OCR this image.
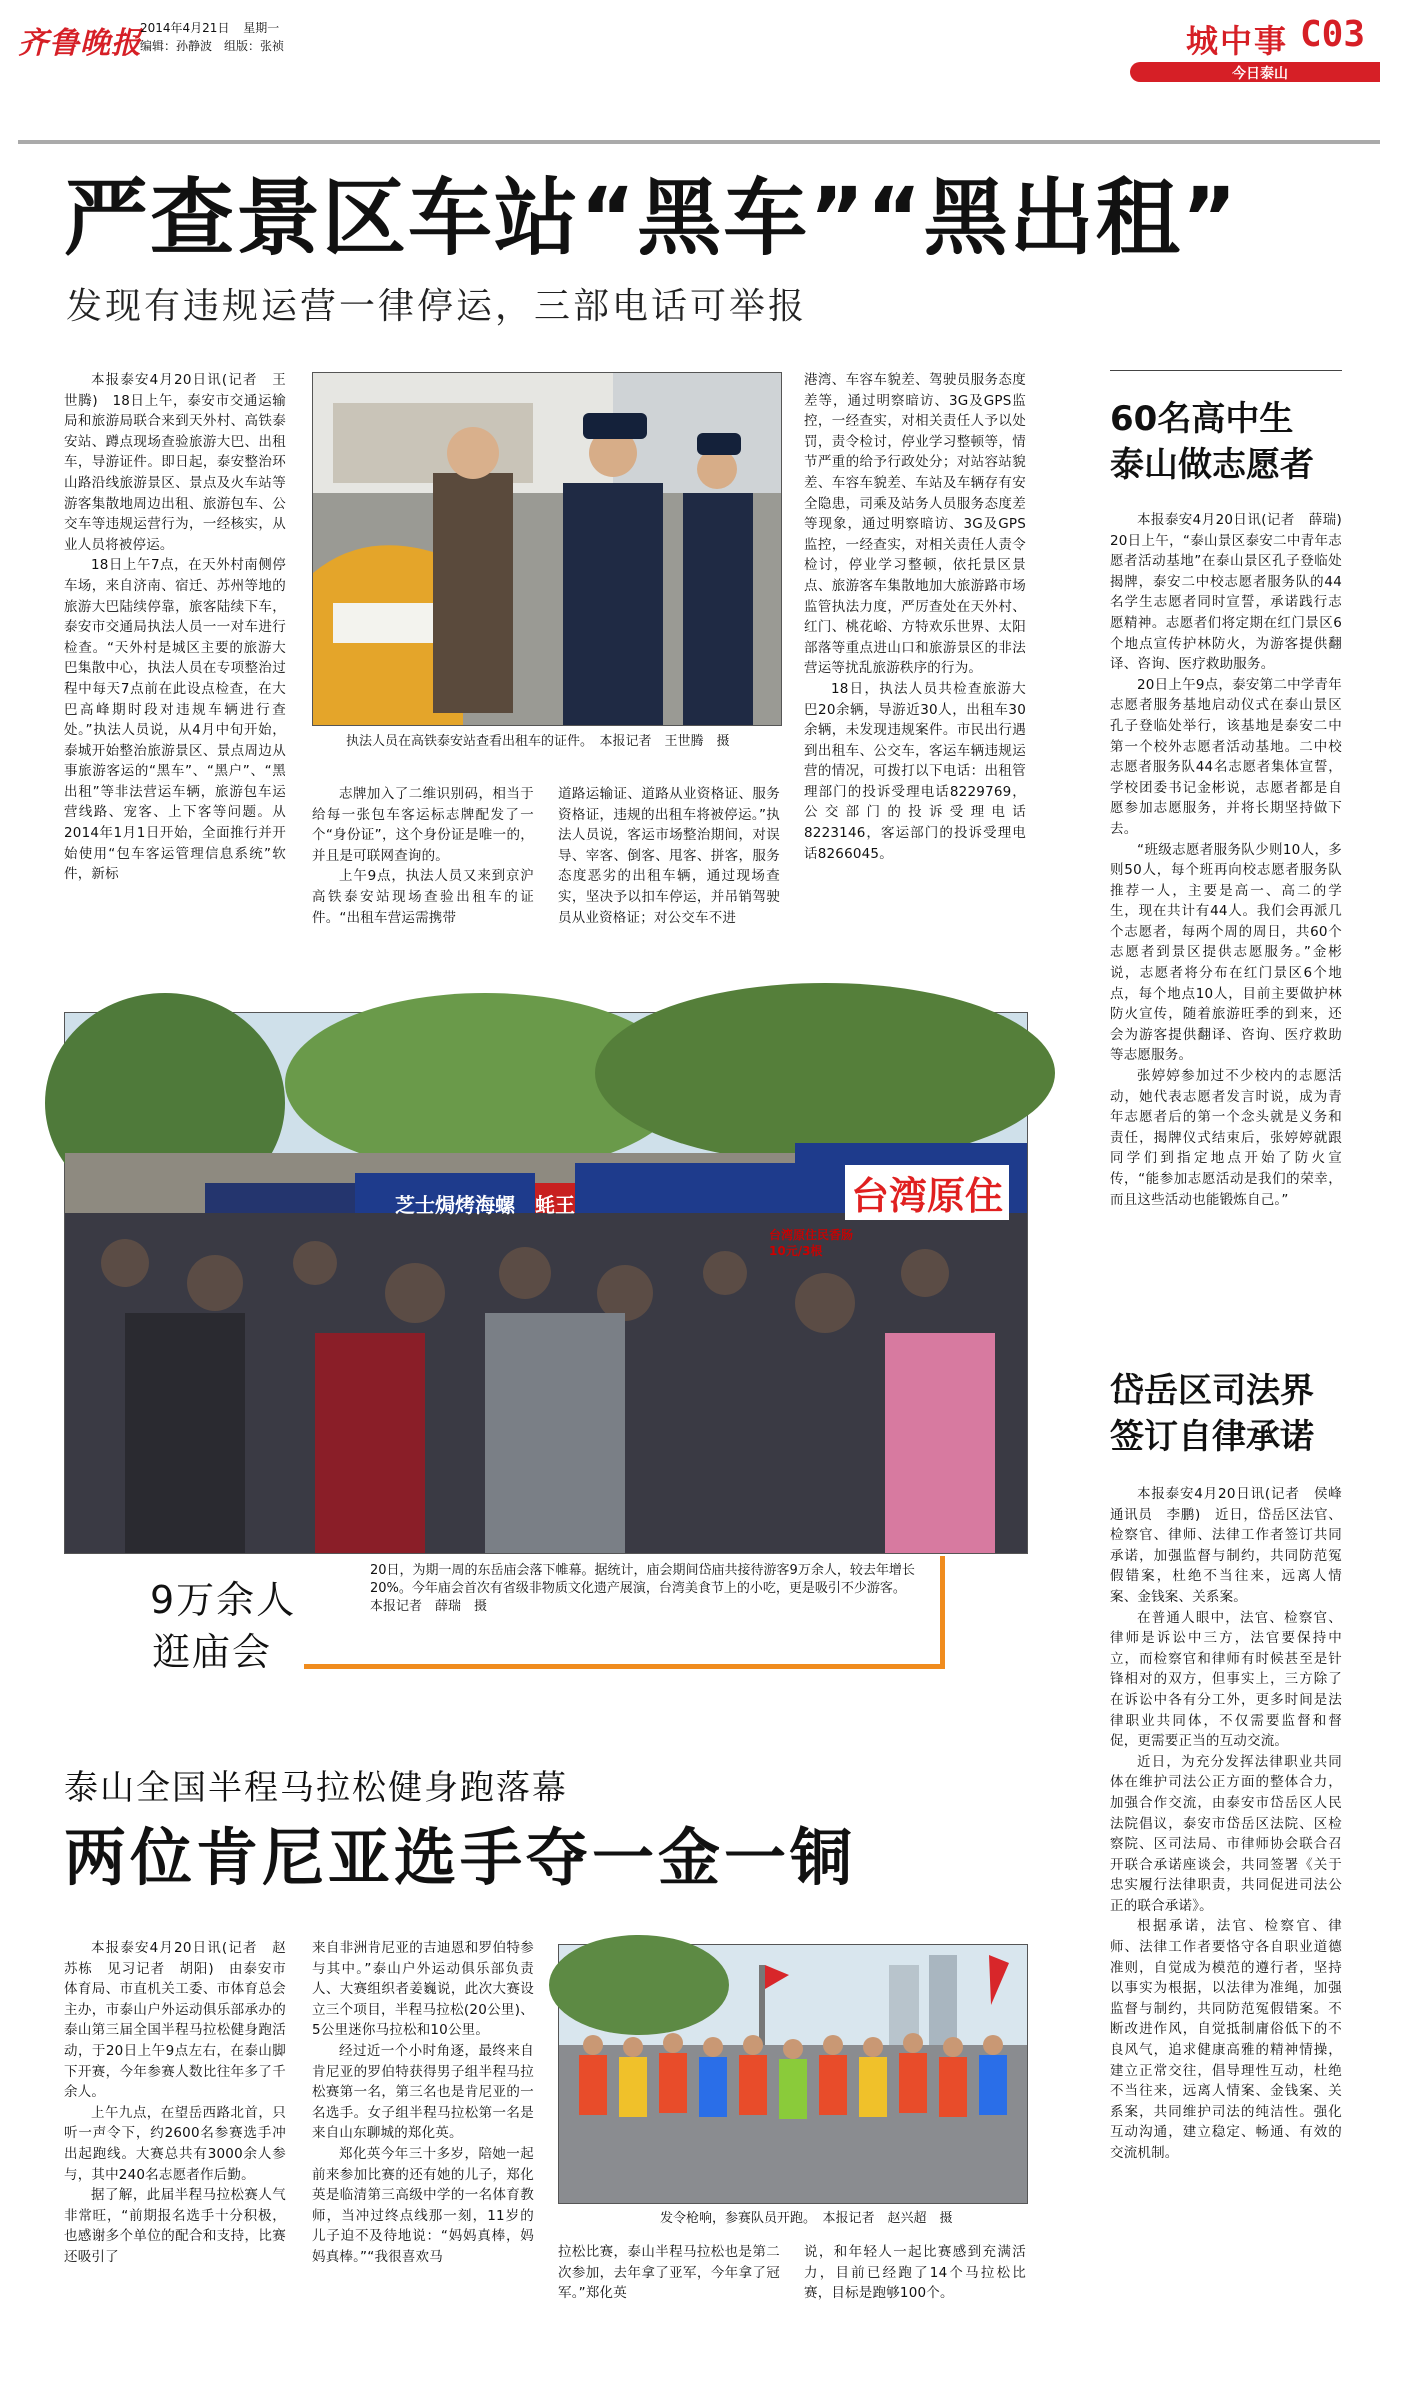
齐鲁晚报
2014年4月21日 星期一
编辑：孙静波　组版：张祯	城中事 C03
今日泰山
严查景区车站“黑车”“黑出租”
发现有违规运营一律停运，三部电话可举报

本报泰安4月20日讯(记者　王世腾)　18日上午，泰安市交通运输局和旅游局联合来到天外村、高铁泰安站、蹲点现场查验旅游大巴、出租车，导游证件。即日起，泰安整治环山路沿线旅游景区、景点及火车站等游客集散地周边出租、旅游包车、公交车等违规运营行为，一经核实，从业人员将被停运。

18日上午7点，在天外村南侧停车场，来自济南、宿迁、苏州等地的旅游大巴陆续停靠，旅客陆续下车，泰安市交通局执法人员一一对车进行检查。“天外村是城区主要的旅游大巴集散中心，执法人员在专项整治过程中每天7点前在此设点检查，在大巴高峰期时段对违规车辆进行查处。”执法人员说，从4月中旬开始，泰城开始整治旅游景区、景点周边从事旅游客运的“黑车”、“黑户”、“黑出租”等非法营运车辆，旅游包车运营线路、宠客、上下客等问题。从2014年1月1日开始，全面推行并开始使用“包车客运管理信息系统”软件，新标

执法人员在高铁泰安站查看出租车的证件。　本报记者　王世腾　摄

志牌加入了二维识别码，相当于给每一张包车客运标志牌配发了一个“身份证”，这个身份证是唯一的，并且是可联网查询的。

上午9点，执法人员又来到京沪高铁泰安站现场查验出租车的证件。“出租车营运需携带

道路运输证、道路从业资格证、服务资格证，违规的出租车将被停运。”执法人员说，客运市场整治期间，对误导、宰客、倒客、甩客、拼客，服务态度恶劣的出租车辆，通过现场查实，坚决予以扣车停运，并吊销驾驶员从业资格证；对公交车不进

港湾、车容车貌差、驾驶员服务态度差等，通过明察暗访、3G及GPS监控，一经查实，对相关责任人予以处罚，责令检讨，停业学习整顿等，情节严重的给予行政处分；对站容站貌差、车容车貌差、车站及车辆存有安全隐患，司乘及站务人员服务态度差等现象，通过明察暗访、3G及GPS监控，一经查实，对相关责任人责令检讨，停业学习整顿，依托景区景点、旅游客车集散地加大旅游路市场监管执法力度，严厉查处在天外村、红门、桃花峪、方特欢乐世界、太阳部落等重点进山口和旅游景区的非法营运等扰乱旅游秩序的行为。

18日，执法人员共检查旅游大巴20余辆，导游近30人，出租车30余辆，未发现违规案件。市民出行遇到出租车、公交车，客运车辆违规运营的情况，可拨打以下电话：出租管理部门的投诉受理电话8229769，公交部门的投诉受理电话8223146，客运部门的投诉受理电话8266045。

芝士焗烤海螺　蚝王	台湾原住
台湾原住民香肠 10元/3根
20日，为期一周的东岳庙会落下帷幕。据统计，庙会期间岱庙共接待游客9万余人，较去年增长20%。今年庙会首次有省级非物质文化遗产展演，台湾美食节上的小吃，更是吸引不少游客。　本报记者　薛瑞　摄
9万余人
逛庙会
泰山全国半程马拉松健身跑落幕
两位肯尼亚选手夺一金一铜

本报泰安4月20日讯(记者　赵苏栋　见习记者　胡阳)　由泰安市体育局、市直机关工委、市体育总会主办，市泰山户外运动俱乐部承办的泰山第三届全国半程马拉松健身跑活动，于20日上午9点左右，在泰山脚下开赛，今年参赛人数比往年多了千余人。

上午九点，在望岳西路北首，只听一声令下，约2600名参赛选手冲出起跑线。大赛总共有3000余人参与，其中240名志愿者作后勤。

据了解，此届半程马拉松赛人气非常旺，“前期报名选手十分积极，也感谢多个单位的配合和支持，比赛还吸引了

来自非洲肯尼亚的吉迪恩和罗伯特参与其中。”泰山户外运动俱乐部负责人、大赛组织者姜巍说，此次大赛设立三个项目，半程马拉松(20公里)、5公里迷你马拉松和10公里。

经过近一个小时角逐，最终来自肯尼亚的罗伯特获得男子组半程马拉松赛第一名，第三名也是肯尼亚的一名选手。女子组半程马拉松第一名是来自山东聊城的郑化英。

郑化英今年三十多岁，陪她一起前来参加比赛的还有她的儿子，郑化英是临清第三高级中学的一名体育教师，当冲过终点线那一刻，11岁的儿子迫不及待地说：“妈妈真棒，妈妈真棒。”“我很喜欢马

发令枪响，参赛队员开跑。　本报记者　赵兴超　摄
拉松比赛，泰山半程马拉松也是第二次参加，去年拿了亚军，今年拿了冠军。”郑化英
说，和年轻人一起比赛感到充满活力，目前已经跑了14个马拉松比赛，目标是跑够100个。
60名高中生
泰山做志愿者

本报泰安4月20日讯(记者　薛瑞)　20日上午，“泰山景区泰安二中青年志愿者活动基地”在泰山景区孔子登临处揭牌，泰安二中校志愿者服务队的44名学生志愿者同时宣誓，承诺践行志愿精神。志愿者们将定期在红门景区6个地点宣传护林防火，为游客提供翻译、咨询、医疗救助服务。

20日上午9点，泰安第二中学青年志愿者服务基地启动仪式在泰山景区孔子登临处举行，该基地是泰安二中第一个校外志愿者活动基地。二中校志愿者服务队44名志愿者集体宣誓，学校团委书记金彬说，志愿者都是自愿参加志愿服务，并将长期坚持做下去。

“班级志愿者服务队少则10人，多则50人，每个班再向校志愿者服务队推荐一人，主要是高一、高二的学生，现在共计有44人。我们会再派几个志愿者，每两个周的周日，共60个志愿者到景区提供志愿服务。”金彬说，志愿者将分布在红门景区6个地点，每个地点10人，目前主要做护林防火宣传，随着旅游旺季的到来，还会为游客提供翻译、咨询、医疗救助等志愿服务。

张婷婷参加过不少校内的志愿活动，她代表志愿者发言时说，成为青年志愿者后的第一个念头就是义务和责任，揭牌仪式结束后，张婷婷就跟同学们到指定地点开始了防火宣传，“能参加志愿活动是我们的荣幸，而且这些活动也能锻炼自己。”

岱岳区司法界
签订自律承诺

本报泰安4月20日讯(记者　侯峰　通讯员　李鹏)　近日，岱岳区法官、检察官、律师、法律工作者签订共同承诺，加强监督与制约，共同防范冤假错案，杜绝不当往来，远离人情案、金钱案、关系案。

在普通人眼中，法官、检察官、律师是诉讼中三方，法官要保持中立，而检察官和律师有时候甚至是针锋相对的双方，但事实上，三方除了在诉讼中各有分工外，更多时间是法律职业共同体，不仅需要监督和督促，更需要正当的互动交流。

近日，为充分发挥法律职业共同体在维护司法公正方面的整体合力，加强合作交流，由泰安市岱岳区人民法院倡议，泰安市岱岳区法院、区检察院、区司法局、市律师协会联合召开联合承诺座谈会，共同签署《关于忠实履行法律职责，共同促进司法公正的联合承诺》。

根据承诺，法官、检察官、律师、法律工作者要恪守各自职业道德准则，自觉成为模范的遵行者，坚持以事实为根据，以法律为准绳，加强监督与制约，共同防范冤假错案。不断改进作风，自觉抵制庸俗低下的不良风气，追求健康高雅的精神情操，建立正常交往，倡导理性互动，杜绝不当往来，远离人情案、金钱案、关系案，共同维护司法的纯洁性。强化互动沟通，建立稳定、畅通、有效的交流机制。
